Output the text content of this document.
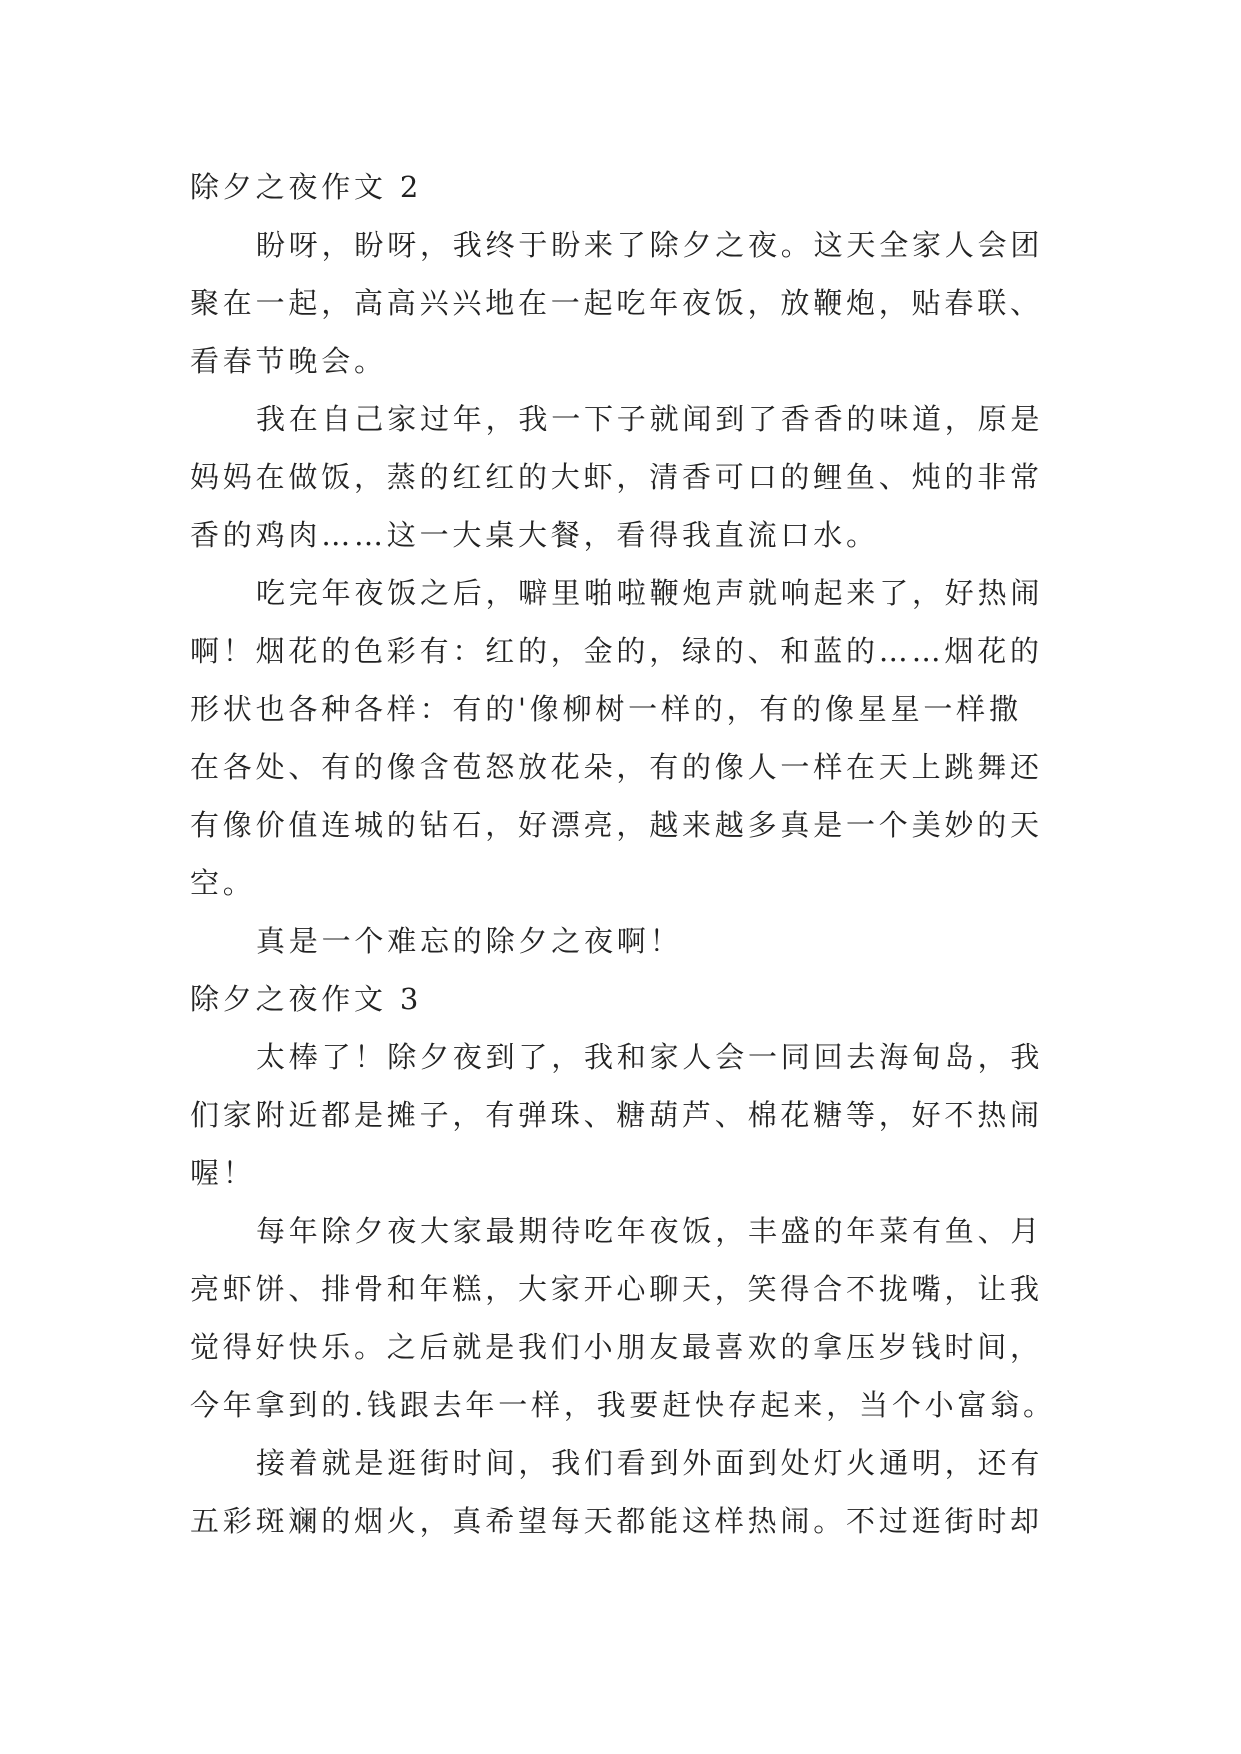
除夕之夜作文 2
盼呀，盼呀，我终于盼来了除夕之夜。这天全家人会团
聚在一起，高高兴兴地在一起吃年夜饭，放鞭炮，贴春联、
看春节晚会。
我在自己家过年，我一下子就闻到了香香的味道，原是
妈妈在做饭，蒸的红红的大虾，清香可口的鲤鱼、炖的非常
香的鸡肉……这一大桌大餐，看得我直流口水。
吃完年夜饭之后，噼里啪啦鞭炮声就响起来了，好热闹
啊！烟花的色彩有：红的，金的，绿的、和蓝的……烟花的
形状也各种各样：有的'像柳树一样的，有的像星星一样撒
在各处、有的像含苞怒放花朵，有的像人一样在天上跳舞还
有像价值连城的钻石，好漂亮，越来越多真是一个美妙的天
空。
真是一个难忘的除夕之夜啊！
除夕之夜作文 3
太棒了！除夕夜到了，我和家人会一同回去海甸岛，我
们家附近都是摊子，有弹珠、糖葫芦、棉花糖等，好不热闹
喔！
每年除夕夜大家最期待吃年夜饭，丰盛的年菜有鱼、月
亮虾饼、排骨和年糕，大家开心聊天，笑得合不拢嘴，让我
觉得好快乐。之后就是我们小朋友最喜欢的拿压岁钱时间，
今年拿到的.钱跟去年一样，我要赶快存起来，当个小富翁。
接着就是逛街时间，我们看到外面到处灯火通明，还有
五彩斑斓的烟火，真希望每天都能这样热闹。不过逛街时却
